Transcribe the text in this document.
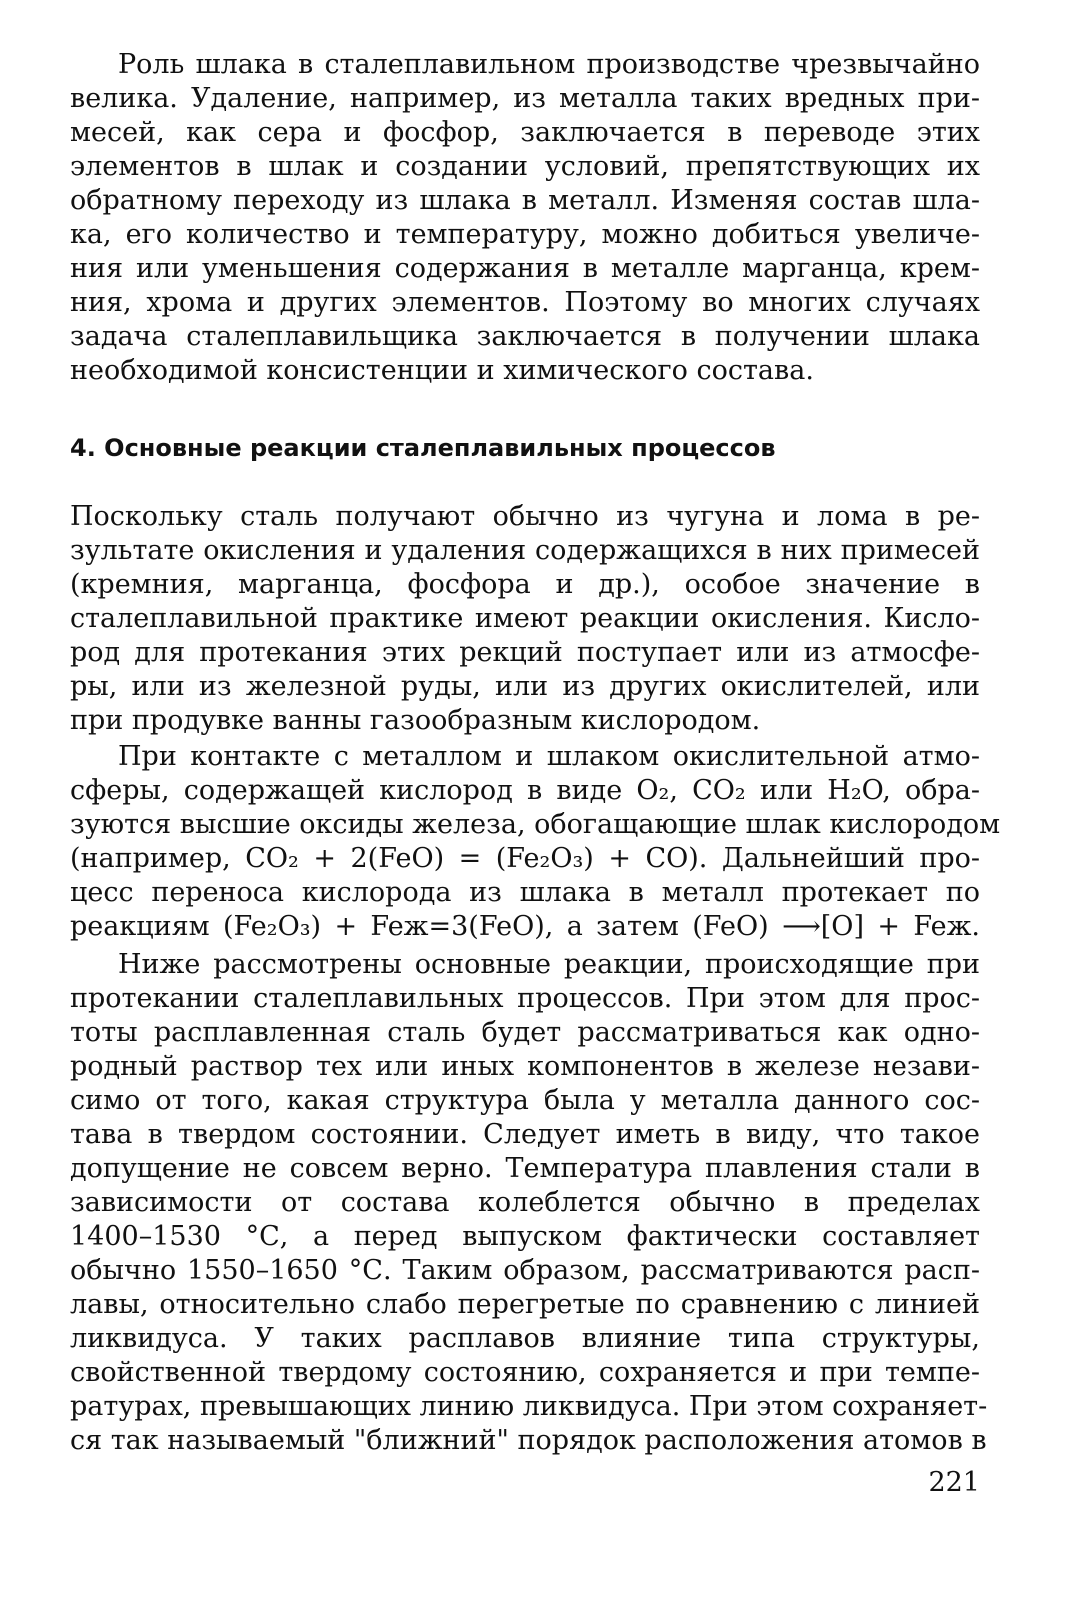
Роль шлака в сталеплавильном производстве чрезвычайно
велика. Удаление, например, из металла таких вредных при-
месей, как сера и фосфор, заключается в переводе этих
элементов в шлак и создании условий, препятствующих их
обратному переходу из шлака в металл. Изменяя состав шла-
ка, его количество и температуру, можно добиться увеличе-
ния или уменьшения содержания в металле марганца, крем-
ния, хрома и других элементов. Поэтому во многих случаях
задача сталеплавильщика заключается в получении шлака
необходимой консистенции и химического состава.
4. Основные реакции сталеплавильных процессов
Поскольку сталь получают обычно из чугуна и лома в ре-
зультате окисления и удаления содержащихся в них примесей
(кремния, марганца, фосфора и др.), особое значение в
сталеплавильной практике имеют реакции окисления. Кисло-
род для протекания этих рекций поступает или из атмосфе-
ры, или из железной руды, или из других окислителей, или
при продувке ванны газообразным кислородом.
При контакте с металлом и шлаком окислительной атмо-
сферы, содержащей кислород в виде O₂, CO₂ или H₂O, обра-
зуются высшие оксиды железа, обогащающие шлак кислородом
(например, CO₂ + 2(FeO) = (Fe₂O₃) + CO). Дальнейший про-
цесс переноса кислорода из шлака в металл протекает по
реакциям (Fe₂O₃) + Feж=3(FeO), а затем (FeO) ⟶[O] + Feж.
Ниже рассмотрены основные реакции, происходящие при
протекании сталеплавильных процессов. При этом для прос-
тоты расплавленная сталь будет рассматриваться как одно-
родный раствор тех или иных компонентов в железе незави-
симо от того, какая структура была у металла данного сос-
тава в твердом состоянии. Следует иметь в виду, что такое
допущение не совсем верно. Температура плавления стали в
зависимости от состава колеблется обычно в пределах
1400–1530 °С, а перед выпуском фактически составляет
обычно 1550–1650 °С. Таким образом, рассматриваются расп-
лавы, относительно слабо перегретые по сравнению с линией
ликвидуса. У таких расплавов влияние типа структуры,
свойственной твердому состоянию, сохраняется и при темпе-
ратурах, превышающих линию ликвидуса. При этом сохраняет-
ся так называемый "ближний" порядок расположения атомов в
221
